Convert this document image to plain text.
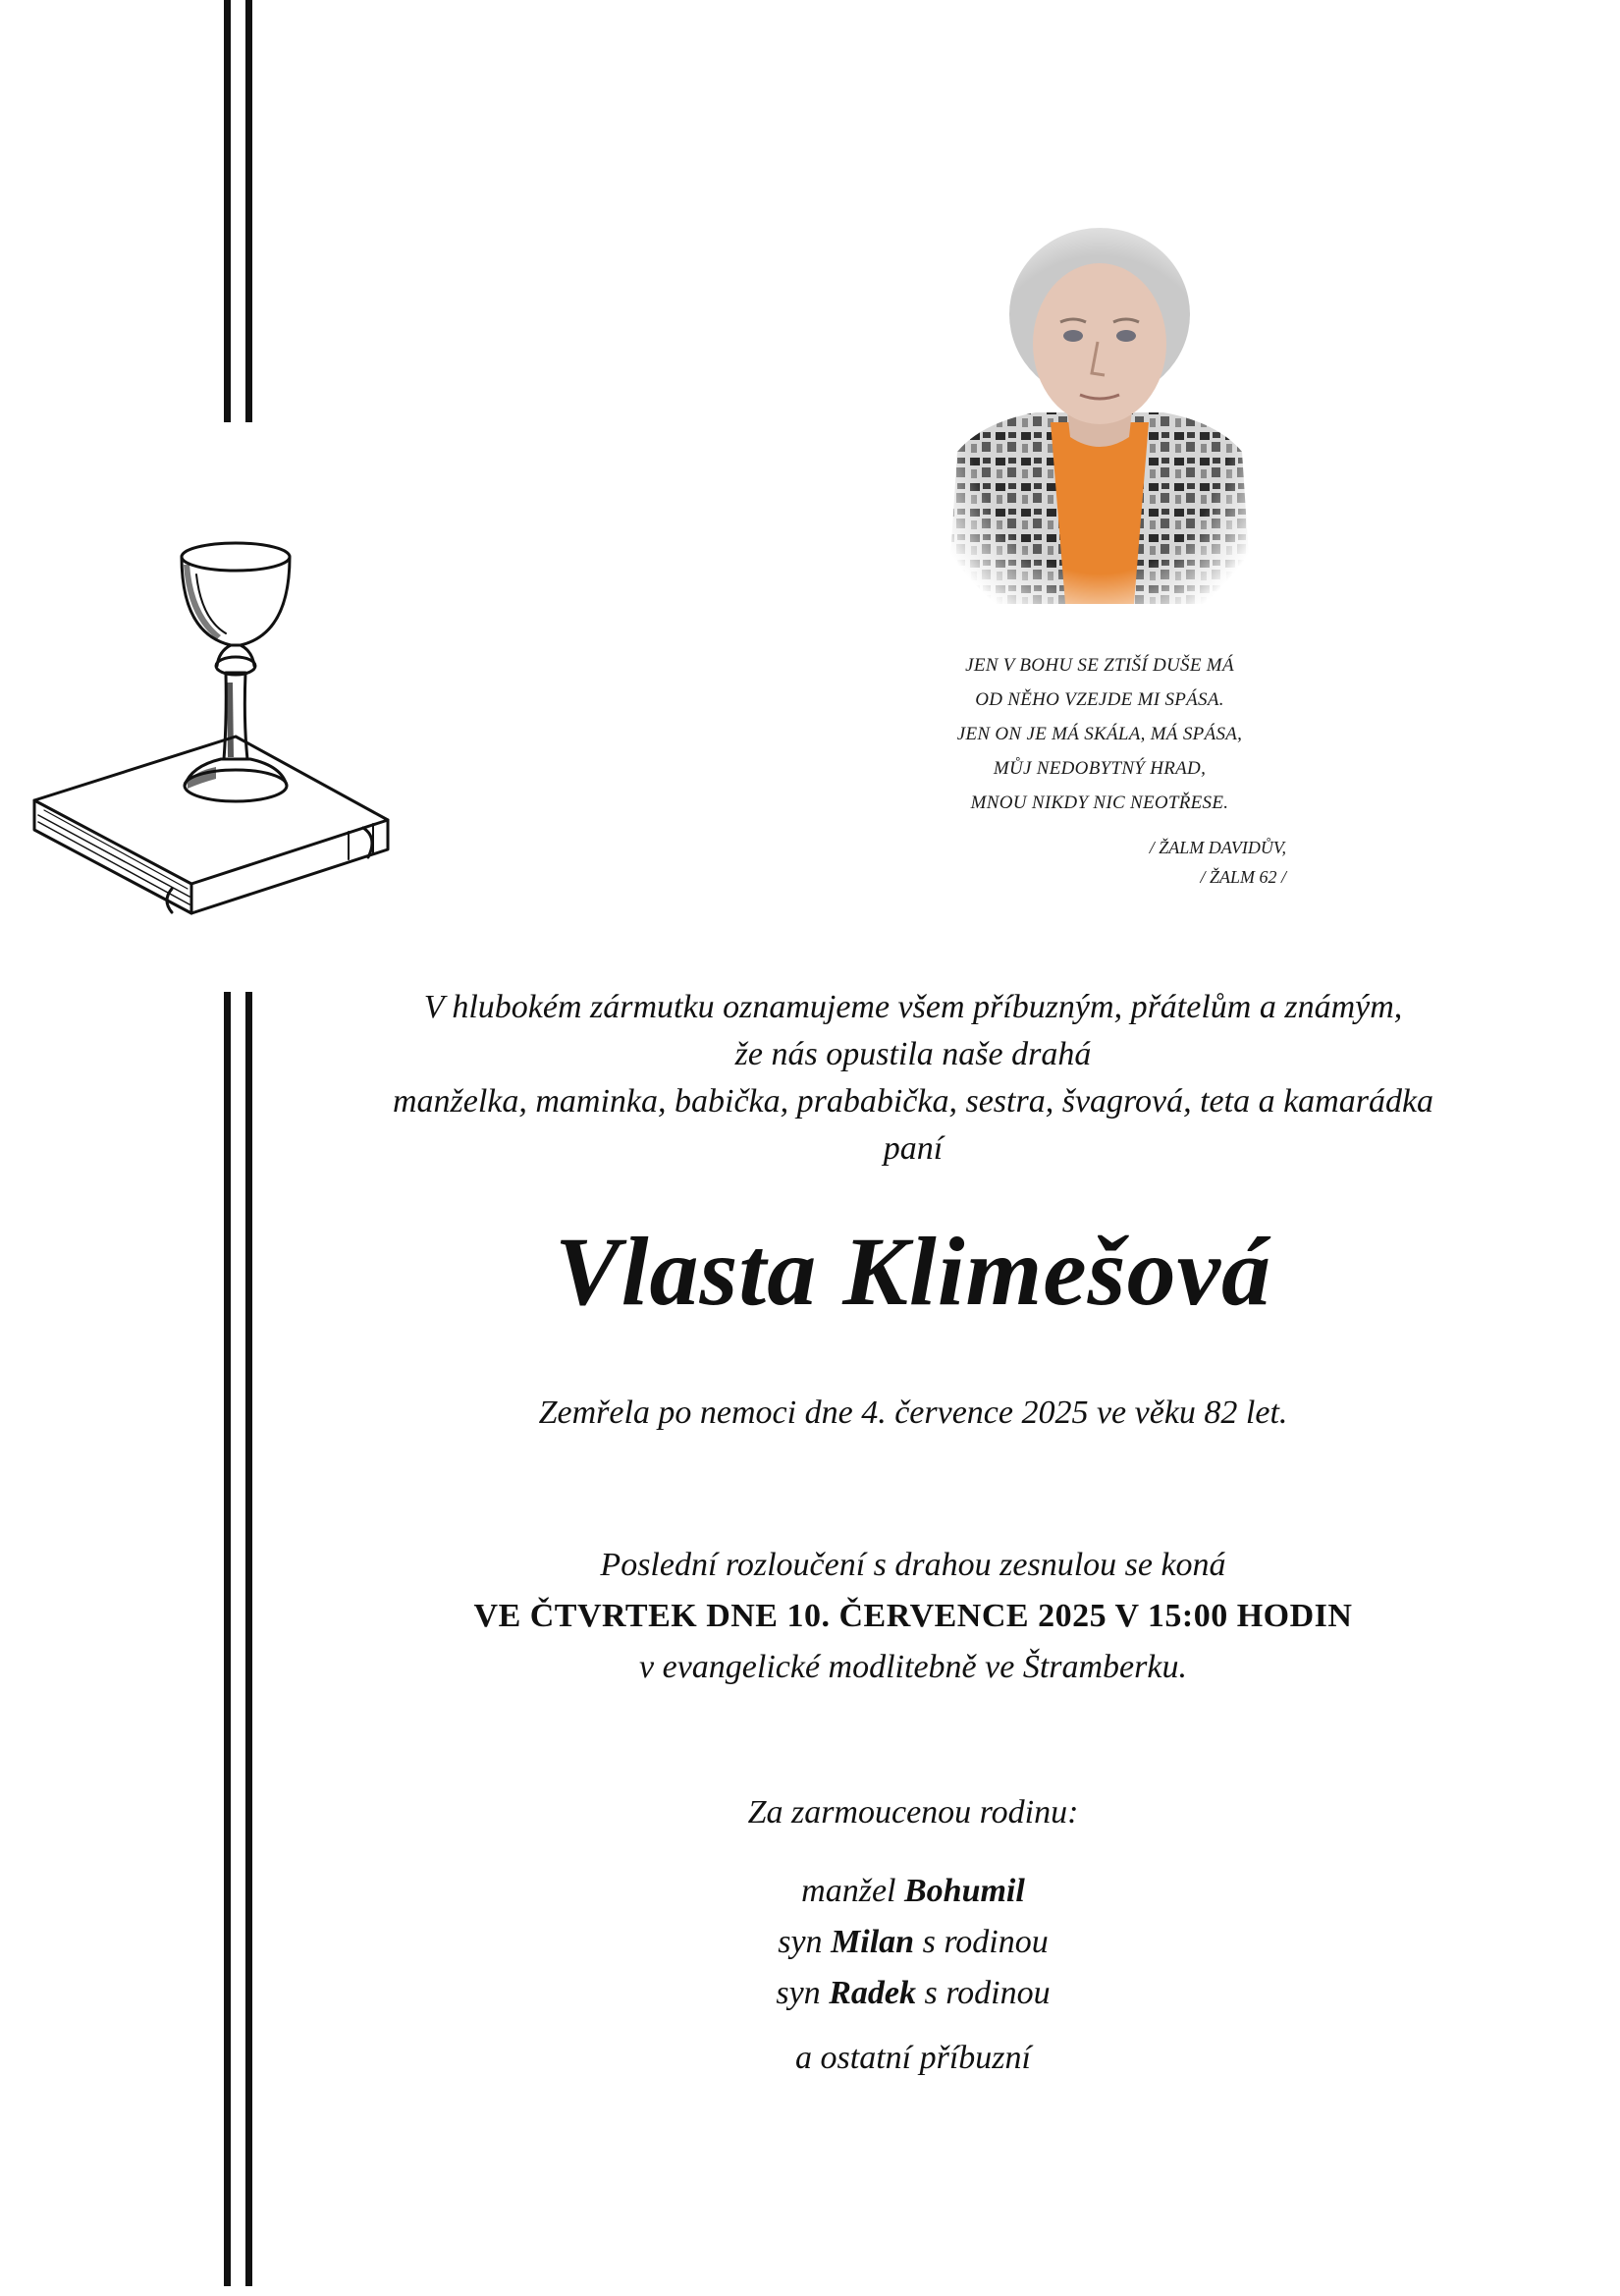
JEN V BOHU SE ZTIŠÍ DUŠE MÁ
OD NĚHO VZEJDE MI SPÁSA.
JEN ON JE MÁ SKÁLA, MÁ SPÁSA,
MŮJ NEDOBYTNÝ HRAD,
MNOU NIKDY NIC NEOTŘESE.
/ ŽALM DAVIDŮV,
/ ŽALM 62 /
V hlubokém zármutku oznamujeme všem příbuzným, přátelům a známým,
že nás opustila naše drahá
manželka, maminka, babička, prababička, sestra, švagrová, teta a kamarádka
paní
Vlasta Klimešová
Zemřela po nemoci dne 4. července 2025 ve věku 82 let.
Poslední rozloučení s drahou zesnulou se koná
VE ČTVRTEK DNE 10. ČERVENCE 2025 V 15:00 HODIN
v evangelické modlitebně ve Štramberku.
Za zarmoucenou rodinu:
manžel Bohumil
syn Milan s rodinou
syn Radek s rodinou
a ostatní příbuzní
